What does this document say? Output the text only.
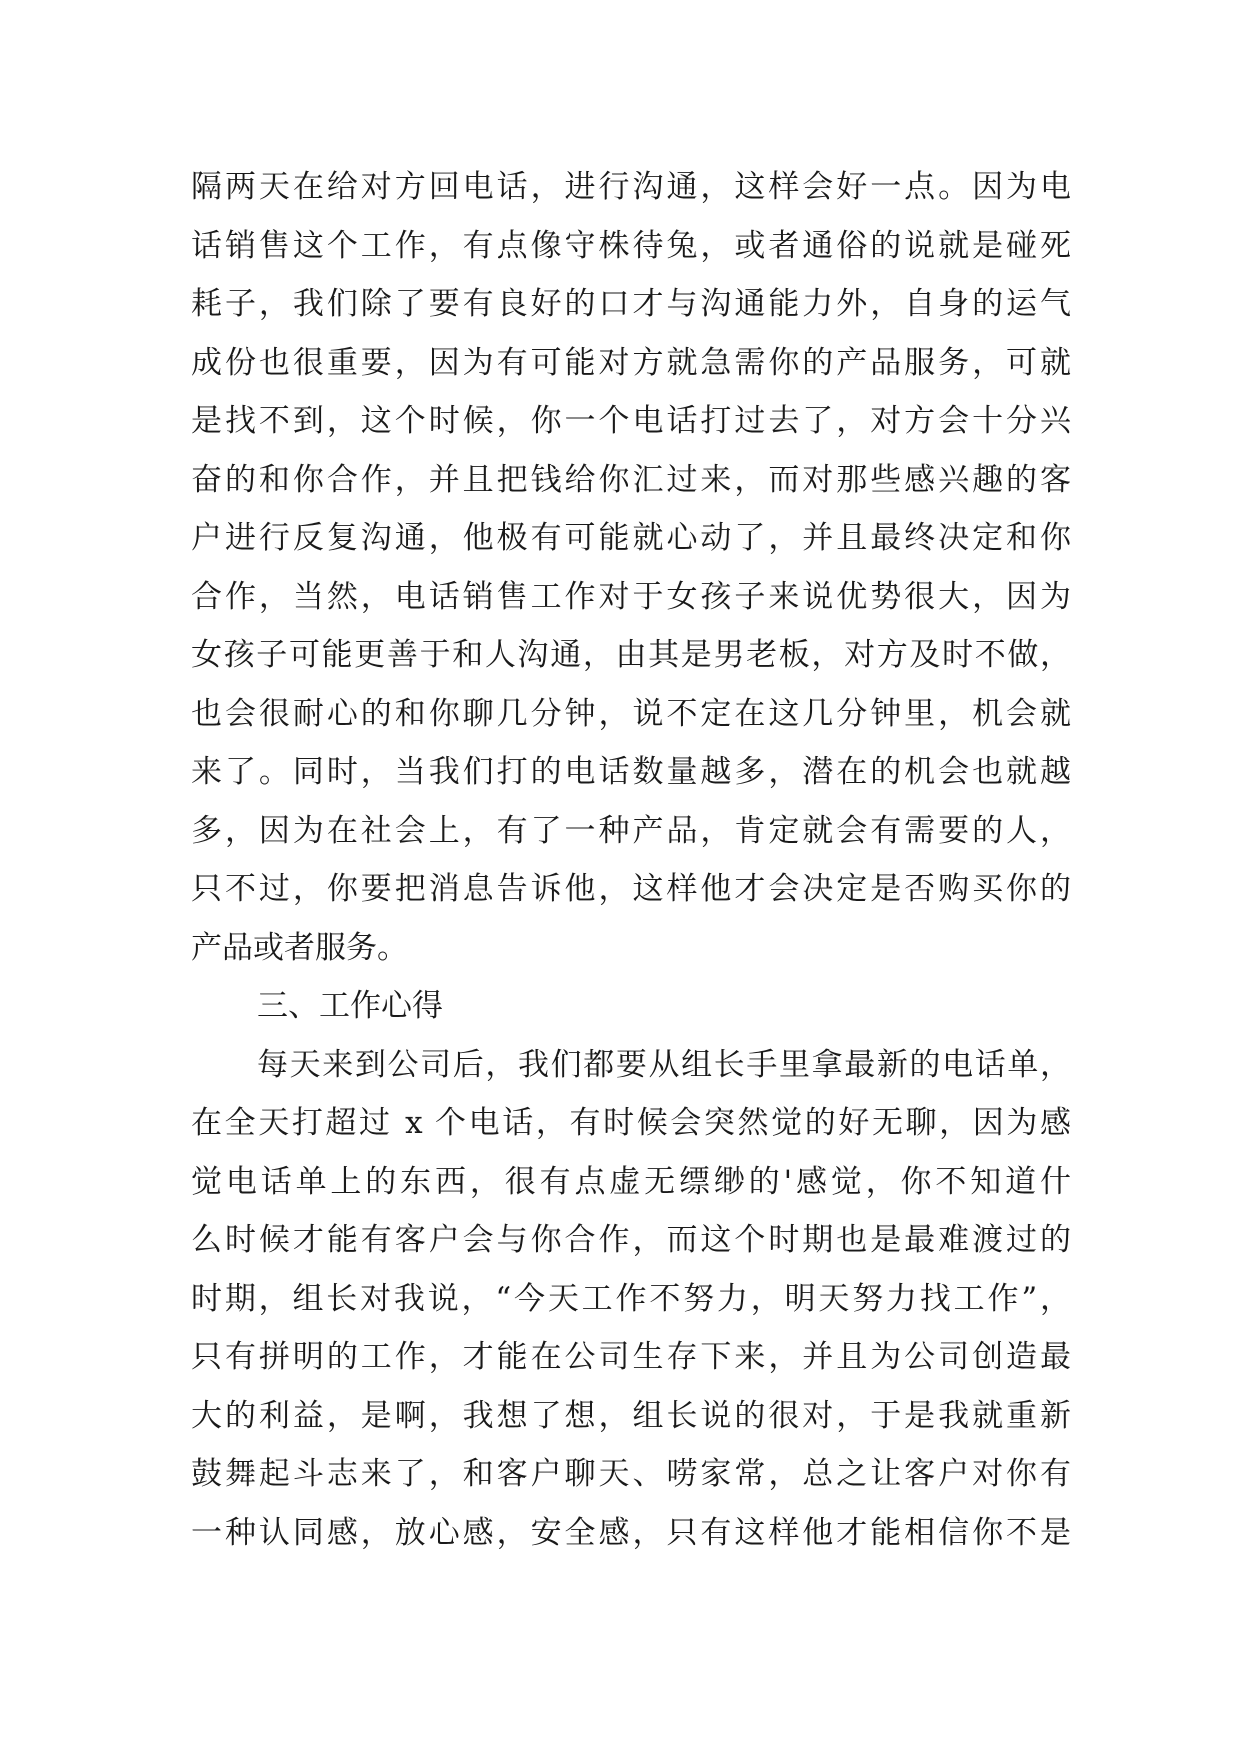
隔两天在给对方回电话，进行沟通，这样会好一点。因为电
话销售这个工作，有点像守株待兔，或者通俗的说就是碰死
耗子，我们除了要有良好的口才与沟通能力外，自身的运气
成份也很重要，因为有可能对方就急需你的产品服务，可就
是找不到，这个时候，你一个电话打过去了，对方会十分兴
奋的和你合作，并且把钱给你汇过来，而对那些感兴趣的客
户进行反复沟通，他极有可能就心动了，并且最终决定和你
合作，当然，电话销售工作对于女孩子来说优势很大，因为
女孩子可能更善于和人沟通，由其是男老板，对方及时不做，
也会很耐心的和你聊几分钟，说不定在这几分钟里，机会就
来了。同时，当我们打的电话数量越多，潜在的机会也就越
多，因为在社会上，有了一种产品，肯定就会有需要的人，
只不过，你要把消息告诉他，这样他才会决定是否购买你的
产品或者服务。
三、工作心得
每天来到公司后，我们都要从组长手里拿最新的电话单，
在全天打超过 x 个电话，有时候会突然觉的好无聊，因为感
觉电话单上的东西，很有点虚无缥缈的'感觉，你不知道什
么时候才能有客户会与你合作，而这个时期也是最难渡过的
时期，组长对我说，“今天工作不努力，明天努力找工作”，
只有拼明的工作，才能在公司生存下来，并且为公司创造最
大的利益，是啊，我想了想，组长说的很对，于是我就重新
鼓舞起斗志来了，和客户聊天、唠家常，总之让客户对你有
一种认同感，放心感，安全感，只有这样他才能相信你不是
